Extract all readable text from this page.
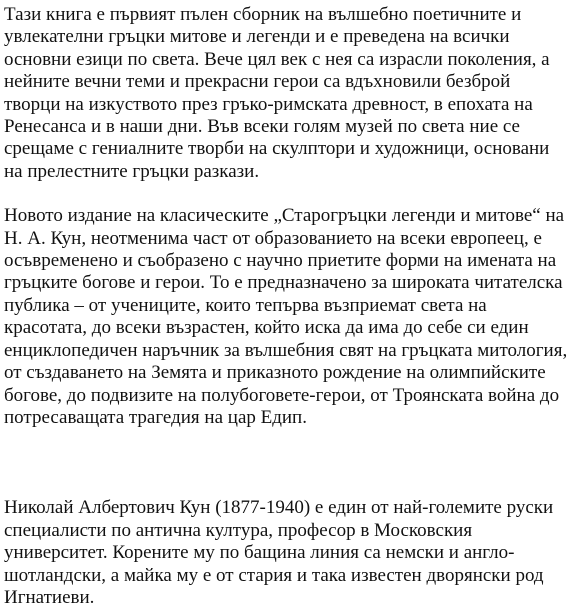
Тази книга е първият пълен сборник на вълшебно поетичните и
увлекателни гръцки митове и легенди и е преведена на всички
основни езици по света. Вече цял век с нея са израсли поколения, а
нейните вечни теми и прекрасни герои са вдъхновили безброй
творци на изкуството през гръко-римската древност, в епохата на
Ренесанса и в наши дни. Във всеки голям музей по света ние се
срещаме с гениалните творби на скулптори и художници, основани
на прелестните гръцки разкази.

Новото издание на класическите „Старогръцки легенди и митове“ на
Н. А. Кун, неотменима част от образованието на всеки европеец, е
осъвременено и съобразено с научно приетите форми на имената на
гръцките богове и герои. То е предназначено за широката читателска
публика – от учениците, които тепърва възприемат света на
красотата, до всеки възрастен, който иска да има до себе си един
енциклопедичен наръчник за вълшебния свят на гръцката митология,
от създаването на Земята и приказното рождение на олимпийските
богове, до подвизите на полубоговете-герои, от Троянската война до
потресаващата трагедия на цар Едип.

Николай Албертович Кун (1877-1940) е един от най-големите руски
специалисти по антична култура, професор в Московския
университет. Корените му по бащина линия са немски и англо-
шотландски, а майка му е от стария и така известен дворянски род
Игнатиеви.
